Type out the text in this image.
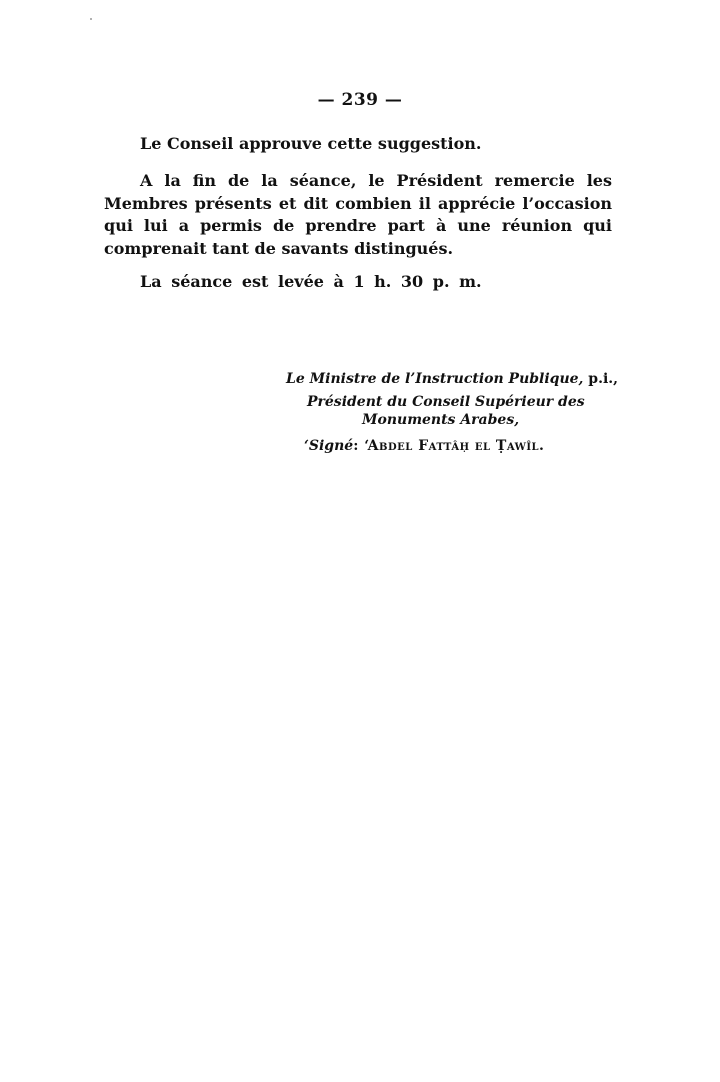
— 239 —

Le Conseil approuve cette suggestion.

A la fin de la séance, le Président remercie les Membres présents et dit combien il apprécie l’occasion qui lui a permis de prendre part à une réunion qui comprenait tant de savants distingués.

La séance est levée à 1 h. 30 p. m.

Le Ministre de l’Instruction Publique, p.i.,
Président du Conseil Supérieur des
Monuments Arabes,
‘Signé: ‘Abdel Fattâḥ el Ṭawîl.
